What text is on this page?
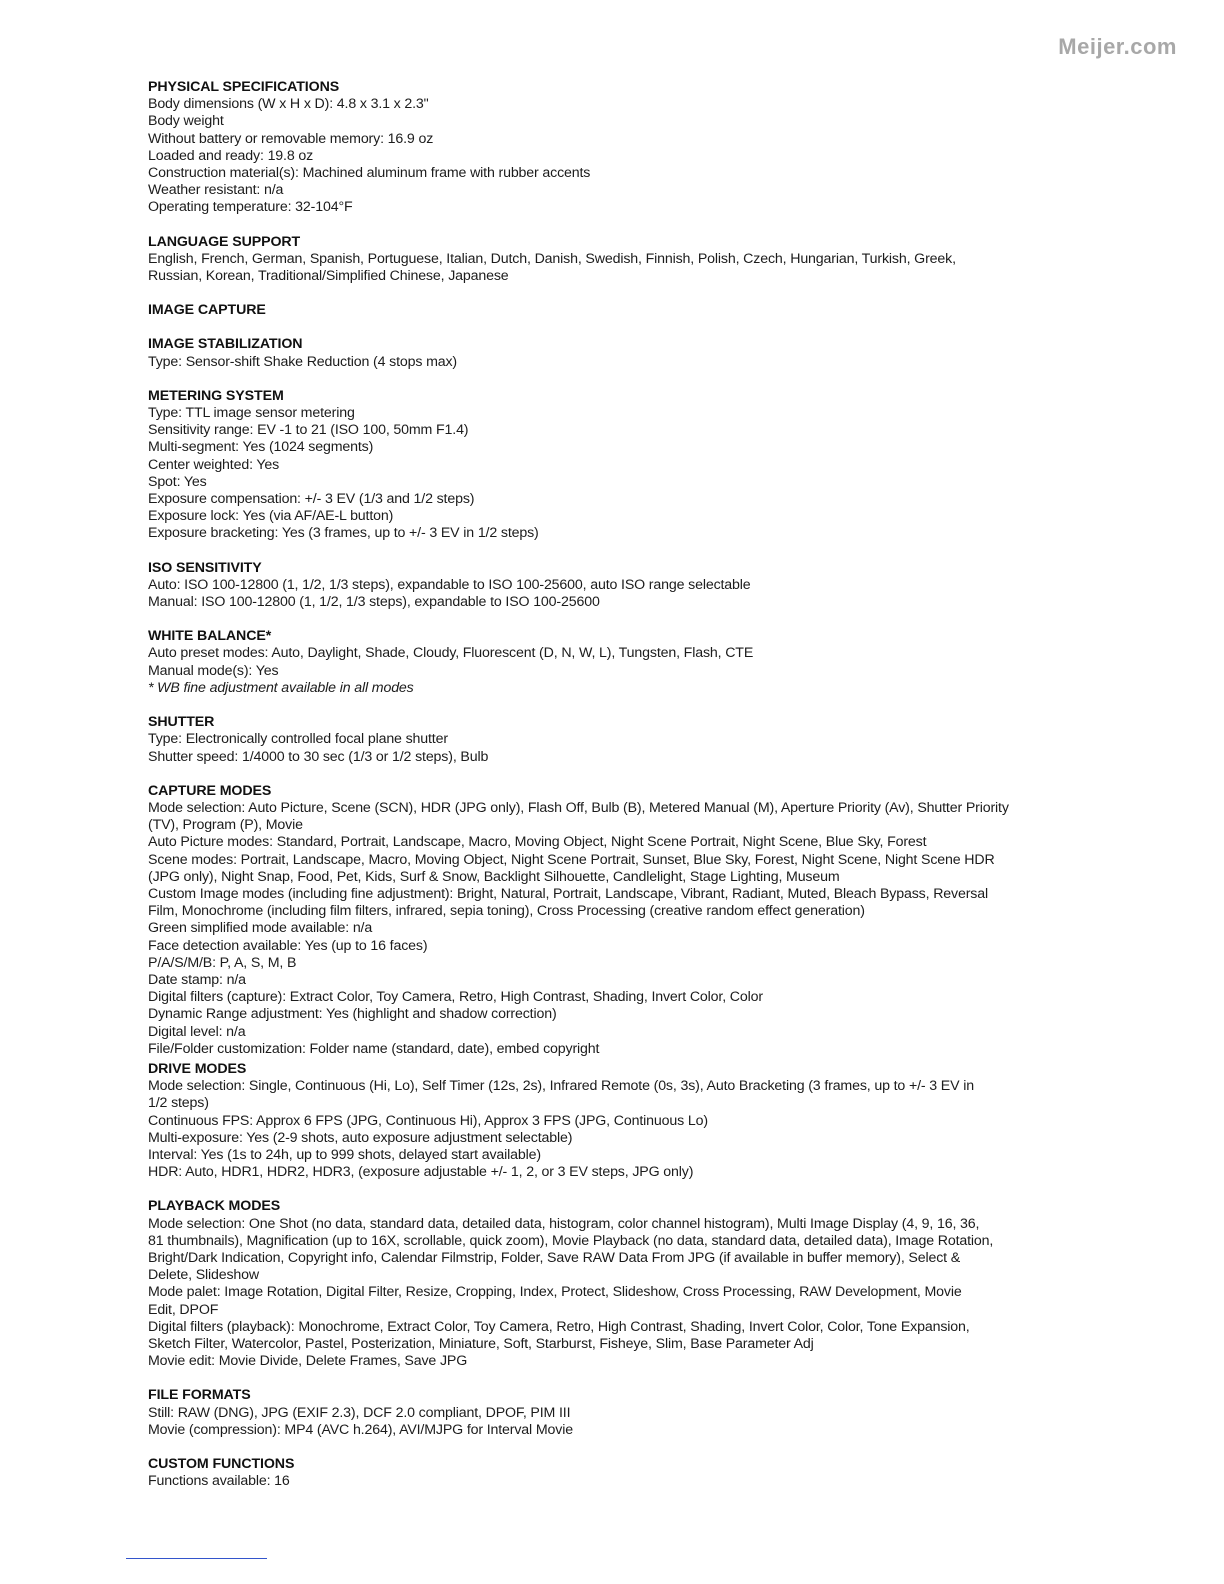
Meijer.com
PHYSICAL SPECIFICATIONS
Body dimensions (W x H x D): 4.8 x 3.1 x 2.3"
Body weight
Without battery or removable memory: 16.9 oz
Loaded and ready: 19.8 oz
Construction material(s): Machined aluminum frame with rubber accents
Weather resistant: n/a
Operating temperature: 32-104°F
LANGUAGE SUPPORT
English, French, German, Spanish, Portuguese, Italian, Dutch, Danish, Swedish, Finnish, Polish, Czech, Hungarian, Turkish, Greek,
Russian, Korean, Traditional/Simplified Chinese, Japanese
IMAGE CAPTURE
IMAGE STABILIZATION
Type: Sensor-shift Shake Reduction (4 stops max)
METERING SYSTEM
Type: TTL image sensor metering
Sensitivity range: EV -1 to 21 (ISO 100, 50mm F1.4)
Multi-segment: Yes (1024 segments)
Center weighted: Yes
Spot: Yes
Exposure compensation: +/- 3 EV (1/3 and 1/2 steps)
Exposure lock: Yes (via AF/AE-L button)
Exposure bracketing: Yes (3 frames, up to +/- 3 EV in 1/2 steps)
ISO SENSITIVITY
Auto: ISO 100-12800 (1, 1/2, 1/3 steps), expandable to ISO 100-25600, auto ISO range selectable
Manual: ISO 100-12800 (1, 1/2, 1/3 steps), expandable to ISO 100-25600
WHITE BALANCE*
Auto preset modes: Auto, Daylight, Shade, Cloudy, Fluorescent (D, N, W, L), Tungsten, Flash, CTE
Manual mode(s): Yes
* WB fine adjustment available in all modes
SHUTTER
Type: Electronically controlled focal plane shutter
Shutter speed: 1/4000 to 30 sec (1/3 or 1/2 steps), Bulb
CAPTURE MODES
Mode selection: Auto Picture, Scene (SCN), HDR (JPG only), Flash Off, Bulb (B), Metered Manual (M), Aperture Priority (Av), Shutter Priority
(TV), Program (P), Movie
Auto Picture modes: Standard, Portrait, Landscape, Macro, Moving Object, Night Scene Portrait, Night Scene, Blue Sky, Forest
Scene modes: Portrait, Landscape, Macro, Moving Object, Night Scene Portrait, Sunset, Blue Sky, Forest, Night Scene, Night Scene HDR
(JPG only), Night Snap, Food, Pet, Kids, Surf & Snow, Backlight Silhouette, Candlelight, Stage Lighting, Museum
Custom Image modes (including fine adjustment): Bright, Natural, Portrait, Landscape, Vibrant, Radiant, Muted, Bleach Bypass, Reversal
Film, Monochrome (including film filters, infrared, sepia toning), Cross Processing (creative random effect generation)
Green simplified mode available: n/a
Face detection available: Yes (up to 16 faces)
P/A/S/M/B: P, A, S, M, B
Date stamp: n/a
Digital filters (capture): Extract Color, Toy Camera, Retro, High Contrast, Shading, Invert Color, Color
Dynamic Range adjustment: Yes (highlight and shadow correction)
Digital level: n/a
File/Folder customization: Folder name (standard, date), embed copyright
DRIVE MODES
Mode selection: Single, Continuous (Hi, Lo), Self Timer (12s, 2s), Infrared Remote (0s, 3s), Auto Bracketing (3 frames, up to +/- 3 EV in
1/2 steps)
Continuous FPS: Approx 6 FPS (JPG, Continuous Hi), Approx 3 FPS (JPG, Continuous Lo)
Multi-exposure: Yes (2-9 shots, auto exposure adjustment selectable)
Interval: Yes (1s to 24h, up to 999 shots, delayed start available)
HDR: Auto, HDR1, HDR2, HDR3, (exposure adjustable +/- 1, 2, or 3 EV steps, JPG only)
PLAYBACK MODES
Mode selection: One Shot (no data, standard data, detailed data, histogram, color channel histogram), Multi Image Display (4, 9, 16, 36,
81 thumbnails), Magnification (up to 16X, scrollable, quick zoom), Movie Playback (no data, standard data, detailed data), Image Rotation,
Bright/Dark Indication, Copyright info, Calendar Filmstrip, Folder, Save RAW Data From JPG (if available in buffer memory), Select &
Delete, Slideshow
Mode palet: Image Rotation, Digital Filter, Resize, Cropping, Index, Protect, Slideshow, Cross Processing, RAW Development, Movie
Edit, DPOF
Digital filters (playback): Monochrome, Extract Color, Toy Camera, Retro, High Contrast, Shading, Invert Color, Color, Tone Expansion,
Sketch Filter, Watercolor, Pastel, Posterization, Miniature, Soft, Starburst, Fisheye, Slim, Base Parameter Adj
Movie edit: Movie Divide, Delete Frames, Save JPG
FILE FORMATS
Still: RAW (DNG), JPG (EXIF 2.3), DCF 2.0 compliant, DPOF, PIM III
Movie (compression): MP4 (AVC h.264), AVI/MJPG for Interval Movie
CUSTOM FUNCTIONS
Functions available: 16
